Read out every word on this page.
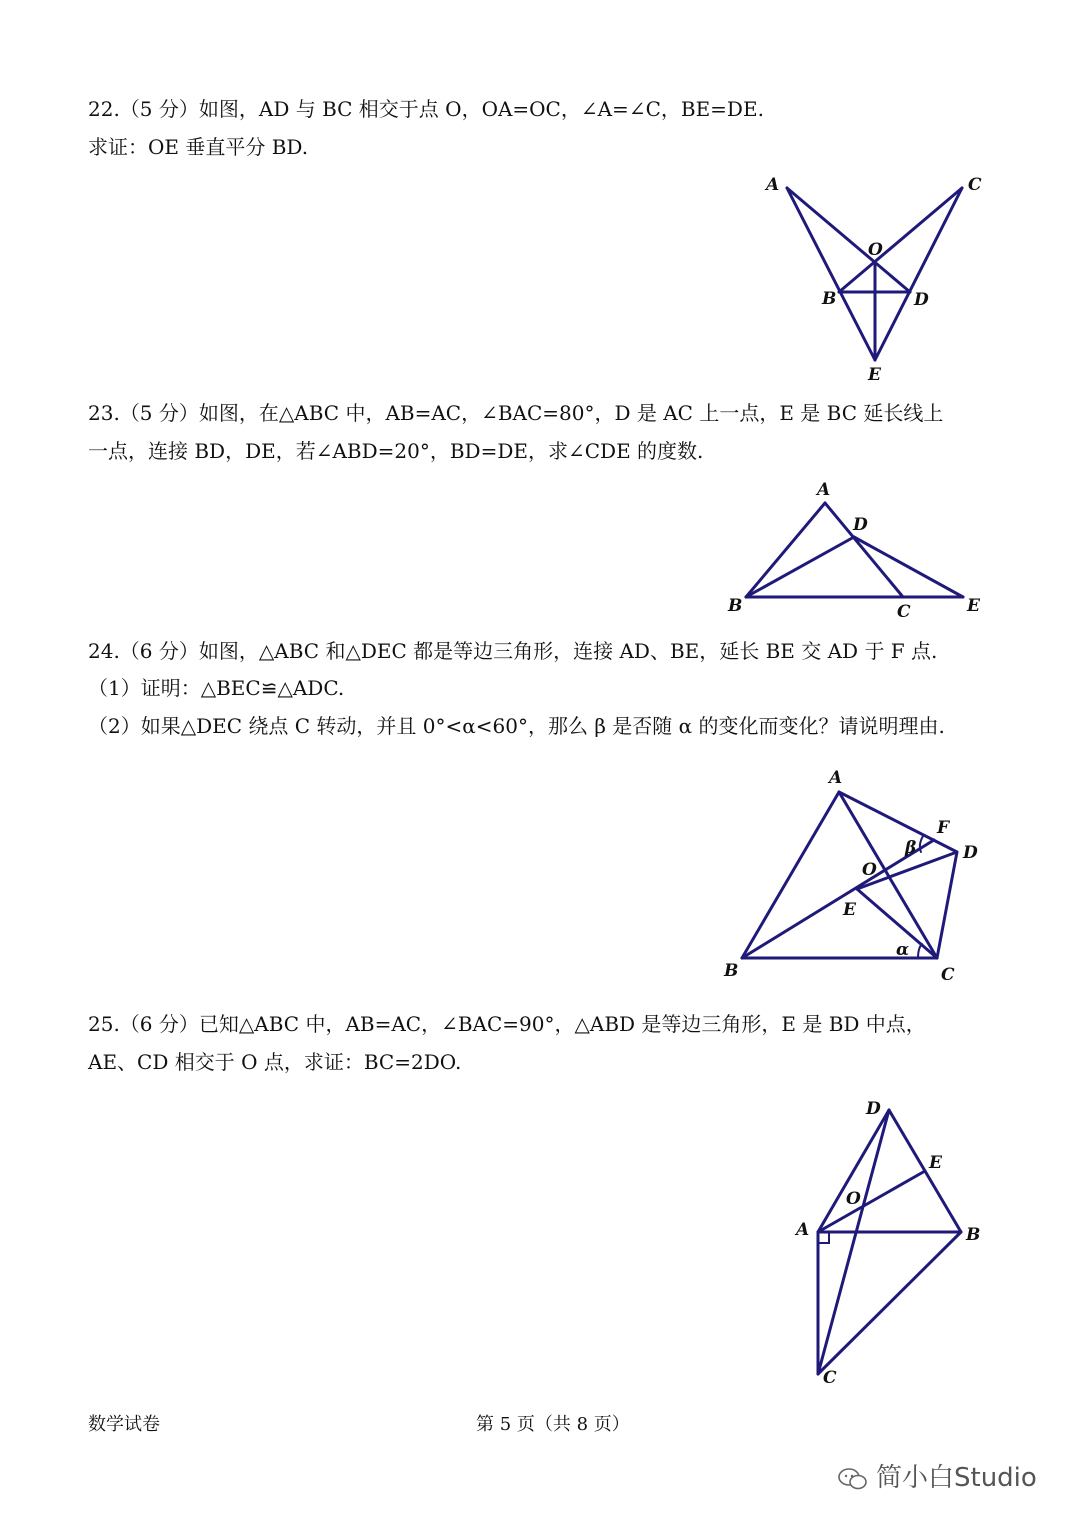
22.（5 分）如图，AD 与 BC 相交于点 O，OA=OC，∠A=∠C，BE=DE.
求证：OE 垂直平分 BD.
A	C
O
B	D
E
23.（5 分）如图，在△ABC 中，AB=AC，∠BAC=80°，D 是 AC 上一点，E 是 BC 延长线上
一点，连接 BD，DE，若∠ABD=20°，BD=DE，求∠CDE 的度数.
A
D
B	C	E
24.（6 分）如图，△ABC 和△DEC 都是等边三角形，连接 AD、BE，延长 BE 交 AD 于 F 点.
（1）证明：△BEC≌△ADC.
（2）如果△DEC 绕点 C 转动，并且 0°<α<60°，那么 β 是否随 α 的变化而变化？请说明理由.
A
F
β	D
O
E
α
B	C
25.（6 分）已知△ABC 中，AB=AC，∠BAC=90°，△ABD 是等边三角形，E 是 BD 中点，
AE、CD 相交于 O 点，求证：BC=2DO.
D
E
O
A	B
C
数学试卷	第 5 页（共 8 页）
简小白Studio
